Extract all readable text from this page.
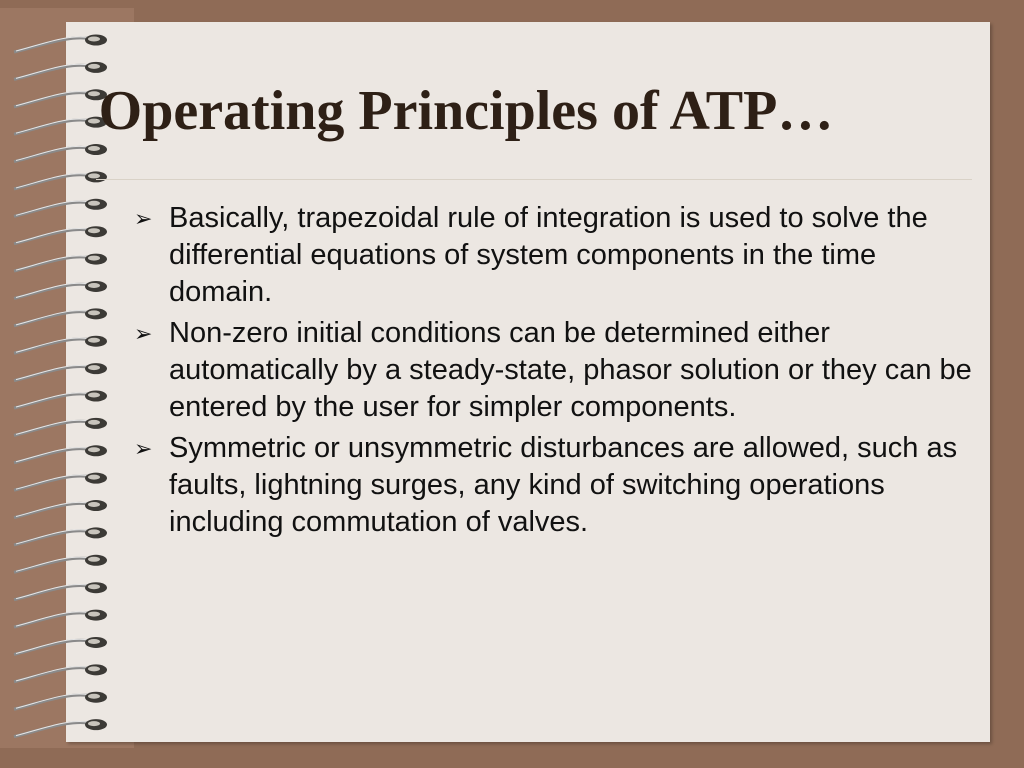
Operating Principles of ATP…
➢ Basically, trapezoidal rule of integration is used to solve the differential equations of system components in the time domain.
➢ Non-zero initial conditions can be determined either automatically by a steady-state, phasor solution or they can be entered by the user for simpler components.
➢ Symmetric or unsymmetric disturbances are allowed, such as faults, lightning surges, any kind of switching operations including commutation of valves.
